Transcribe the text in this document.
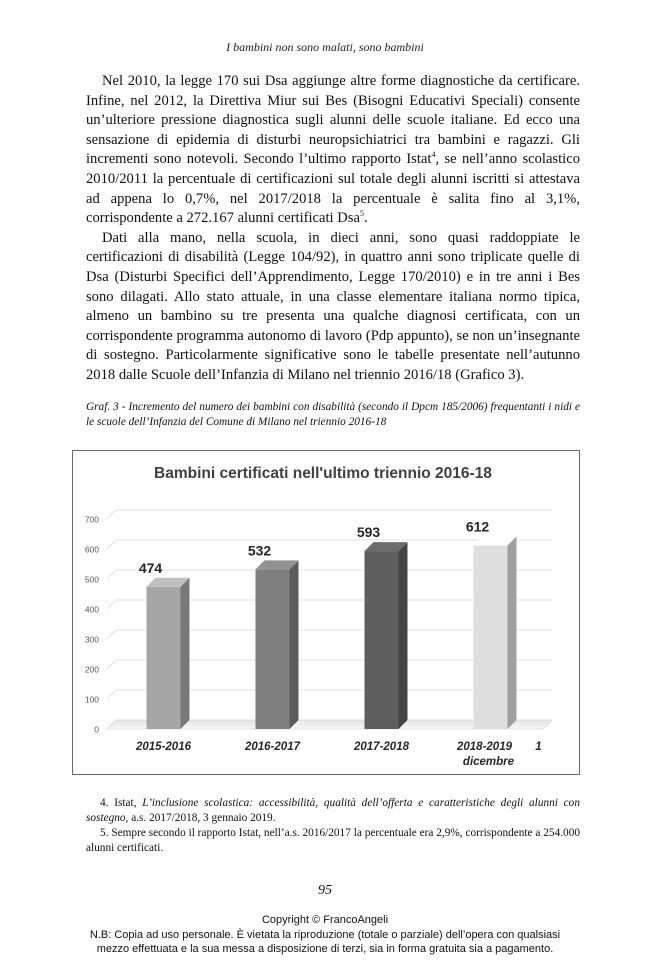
I bambini non sono malati, sono bambini

Nel 2010, la legge 170 sui Dsa aggiunge altre forme diagnostiche da certificare. Infine, nel 2012, la Direttiva Miur sui Bes (Bisogni Educativi Speciali) consente un’ulteriore pressione diagnostica sugli alunni delle scuole italiane. Ed ecco una sensazione di epidemia di disturbi neuropsichiatrici tra bambini e ragazzi. Gli incrementi sono notevoli. Secondo l’ultimo rapporto Istat$^4$, se nell’anno scolastico 2010/2011 la percentuale di certificazioni sul totale degli alunni iscritti si attestava ad appena lo 0,7%, nel 2017/2018 la percentuale è salita fino al 3,1%, corrispondente a 272.167 alunni certificati Dsa$^5$.

Dati alla mano, nella scuola, in dieci anni, sono quasi raddoppiate le certificazioni di disabilità (Legge 104/92), in quattro anni sono triplicate quelle di Dsa (Disturbi Specifici dell’Apprendimento, Legge 170/2010) e in tre anni i Bes sono dilagati. Allo stato attuale, in una classe elementare italiana normo tipica, almeno un bambino su tre presenta una qualche diagnosi certificata, con un corrispondente programma autonomo di lavoro (Pdp appunto), se non un’insegnante di sostegno. Particolarmente significative sono le tabelle presentate nell’autunno 2018 dalle Scuole dell’Infanzia di Milano nel triennio 2016/18 (Grafico 3).

Graf. 3 - Incremento del numero dei bambini con disabilità (secondo il Dpcm 185/2006) frequentanti i nidi e le scuole dell’Infanzia del Comune di Milano nel triennio 2016-18
0
100
200
300
400
500
600
700
474
2015-2016
532
2016-2017
593
2017-2018
612
2018-2019 1 dicembre
Bambini certificati nell'ultimo triennio 2016-18

4. Istat, L’inclusione scolastica: accessibilità, qualità dell’offerta e caratteristiche degli alunni con sostegno, a.s. 2017/2018, 3 gennaio 2019.

5. Sempre secondo il rapporto Istat, nell’a.s. 2016/2017 la percentuale era 2,9%, corrispondente a 254.000 alunni certificati.

95
Copyright © FrancoAngeli
N.B: Copia ad uso personale. È vietata la riproduzione (totale o parziale) dell’opera con qualsiasi
mezzo effettuata e la sua messa a disposizione di terzi, sia in forma gratuita sia a pagamento.
